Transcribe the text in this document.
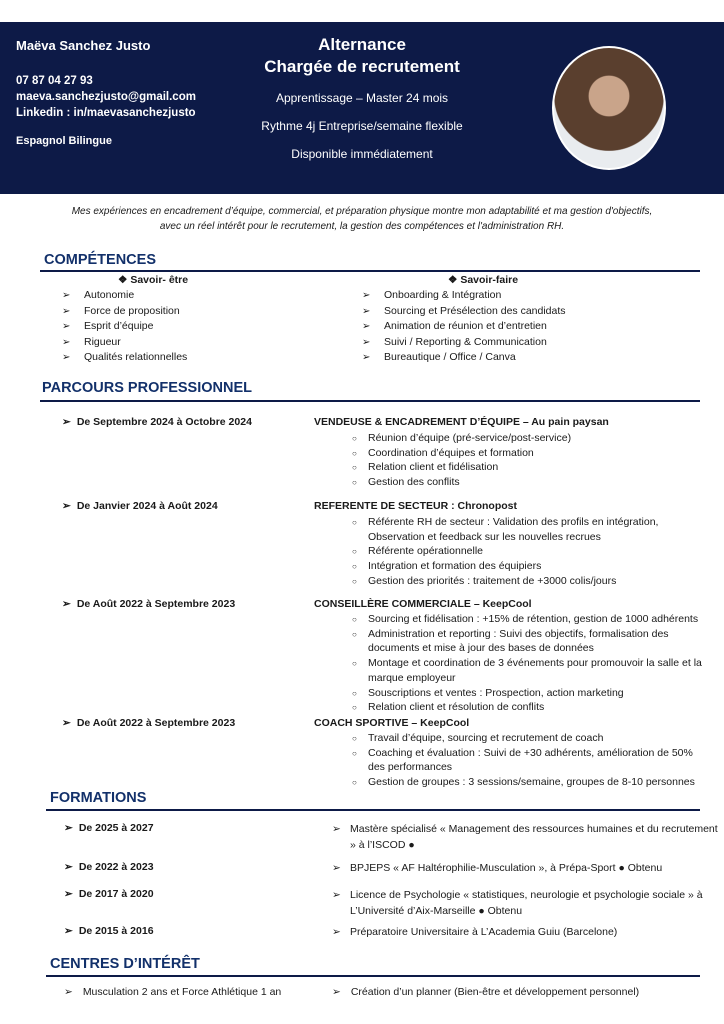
Maëva Sanchez Justo
07 87 04 27 93
maeva.sanchezjusto@gmail.com
Linkedin : in/maevasanchezjusto
Espagnol Bilingue
Alternance
Chargée de recrutement
Apprentissage – Master 24 mois
Rythme 4j Entreprise/semaine flexible
Disponible immédiatement
Mes expériences en encadrement d’équipe, commercial, et préparation physique montre mon adaptabilité et ma gestion d'objectifs,
avec un réel intérêt pour le recrutement, la gestion des compétences et l'administration RH.
COMPÉTENCES
❖ Savoir- être
➢ Autonomie
➢ Force de proposition
➢ Esprit d’équipe
➢ Rigueur
➢ Qualités relationnelles
❖ Savoir-faire
➢ Onboarding & Intégration
➢ Sourcing et Présélection des candidats
➢ Animation de réunion et d’entretien
➢ Suivi / Reporting & Communication
➢ Bureautique / Office / Canva
PARCOURS PROFESSIONNEL
➢ De Septembre 2024 à Octobre 2024	VENDEUSE & ENCADREMENT D’ÉQUIPE – Au pain paysan
○ Réunion d’équipe (pré-service/post-service)
○ Coordination d’équipes et formation
○ Relation client et fidélisation
○ Gestion des conflits
➢ De Janvier 2024 à Août 2024	REFERENTE DE SECTEUR : Chronopost
○ Référente RH de secteur : Validation des profils en intégration, Observation et feedback sur les nouvelles recrues
○ Référente opérationnelle
○ Intégration et formation des équipiers
○ Gestion des priorités : traitement de +3000 colis/jours
➢ De Août 2022 à Septembre 2023	CONSEILLÈRE COMMERCIALE – KeepCool
○ Sourcing et fidélisation : +15% de rétention, gestion de 1000 adhérents
○ Administration et reporting : Suivi des objectifs, formalisation des documents et mise à jour des bases de données
○ Montage et coordination de 3 événements pour promouvoir la salle et la marque employeur
○ Souscriptions et ventes : Prospection, action marketing
○ Relation client et résolution de conflits
➢ De Août 2022 à Septembre 2023	COACH SPORTIVE – KeepCool
○ Travail d’équipe, sourcing et recrutement de coach
○ Coaching et évaluation : Suivi de +30 adhérents, amélioration de 50% des performances
○ Gestion de groupes : 3 sessions/semaine, groupes de 8-10 personnes
FORMATIONS
➢ De 2025 à 2027	➢ Mastère spécialisé « Management des ressources humaines et du recrutement » à l’ISCOD ●
➢ De 2022 à 2023	➢ BPJEPS « AF Haltérophilie-Musculation », à Prépa-Sport ● Obtenu
➢ De 2017 à 2020	➢ Licence de Psychologie « statistiques, neurologie et psychologie sociale » à L’Université d’Aix-Marseille ● Obtenu
➢ De 2015 à 2016	➢ Préparatoire Universitaire à L’Academia Guiu (Barcelone)
CENTRES D’INTÉRÊT
➢ Musculation 2 ans et Force Athlétique 1 an	➢ Création d’un planner (Bien-être et développement personnel)
